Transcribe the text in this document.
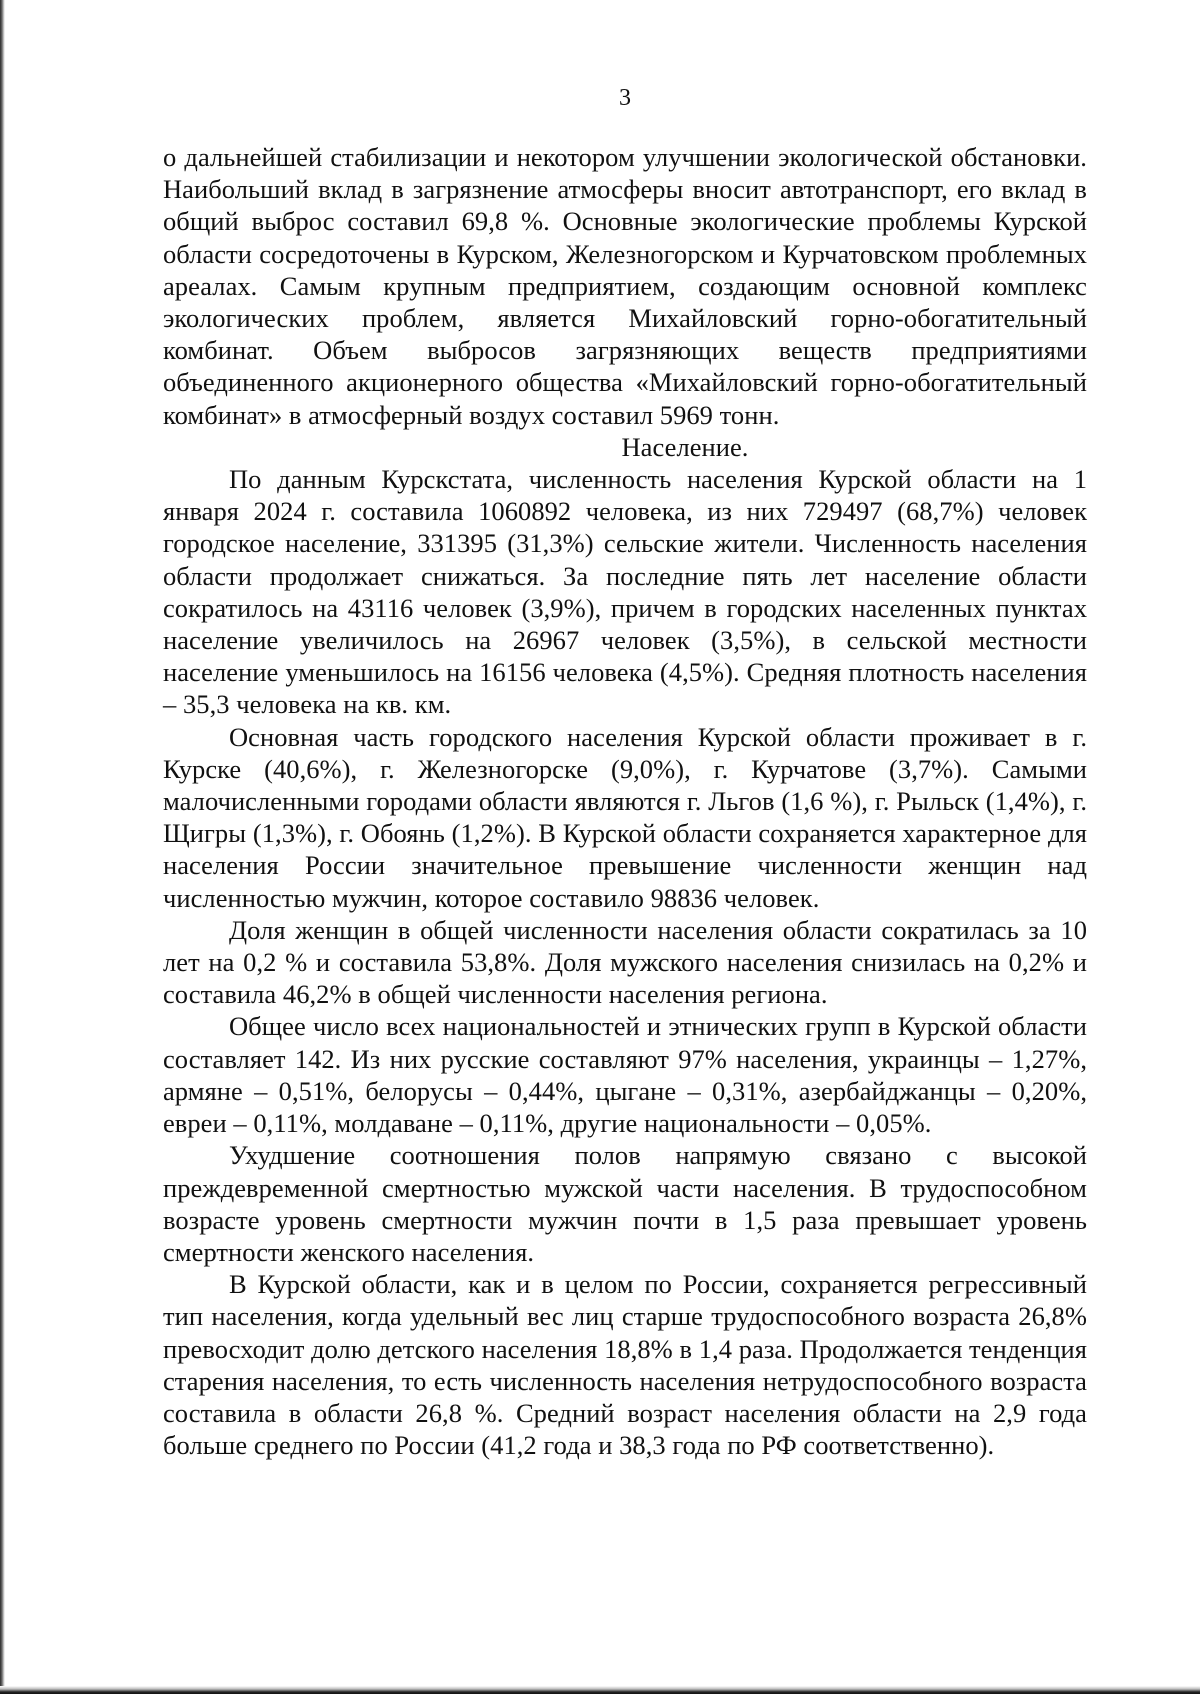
3

о дальнейшей стабилизации и некотором улучшении экологической обстановки. Наибольший вклад в загрязнение атмосферы вносит автотранспорт, его вклад в общий выброс составил 69,8 %. Основные экологические проблемы Курской области сосредоточены в Курском, Железногорском и Курчатовском проблемных ареалах. Самым крупным предприятием, создающим основной комплекс экологических проблем, является Михайловский горно-обогатительный комбинат. Объем выбросов загрязняющих веществ предприятиями объединенного акционерного общества «Михайловский горно-обогатительный комбинат» в атмосферный воздух составил 5969 тонн.

Население.

По данным Курскстата, численность населения Курской области на 1 января 2024 г. составила 1060892 человека, из них 729497 (68,7%) человек городское население, 331395 (31,3%) сельские жители. Численность населения области продолжает снижаться. За последние пять лет население области сократилось на 43116 человек (3,9%), причем в городских населенных пунктах население увеличилось на 26967 человек (3,5%), в сельской местности население уменьшилось на 16156 человека (4,5%). Средняя плотность населения – 35,3 человека на кв. км.

Основная часть городского населения Курской области проживает в г. Курске (40,6%), г. Железногорске (9,0%), г. Курчатове (3,7%). Самыми малочисленными городами области являются г. Льгов (1,6 %), г. Рыльск (1,4%), г. Щигры (1,3%), г. Обоянь (1,2%). В Курской области сохраняется характерное для населения России значительное превышение численности женщин над численностью мужчин, которое составило 98836 человек.

Доля женщин в общей численности населения области сократилась за 10 лет на 0,2 % и составила 53,8%. Доля мужского населения снизилась на 0,2% и составила 46,2% в общей численности населения региона.

Общее число всех национальностей и этнических групп в Курской области составляет 142. Из них русские составляют 97% населения, украинцы – 1,27%, армяне – 0,51%, белорусы – 0,44%, цыгане – 0,31%, азербайджанцы – 0,20%, евреи – 0,11%, молдаване – 0,11%, другие национальности – 0,05%.

Ухудшение соотношения полов напрямую связано с высокой преждевременной смертностью мужской части населения. В трудоспособном возрасте уровень смертности мужчин почти в 1,5 раза превышает уровень смертности женского населения.

В Курской области, как и в целом по России, сохраняется регрессивный тип населения, когда удельный вес лиц старше трудоспособного возраста 26,8% превосходит долю детского населения 18,8% в 1,4 раза. Продолжается тенденция старения населения, то есть численность населения нетрудоспособного возраста составила в области 26,8 %. Средний возраст населения области на 2,9 года больше среднего по России (41,2 года и 38,3 года по РФ соответственно).
